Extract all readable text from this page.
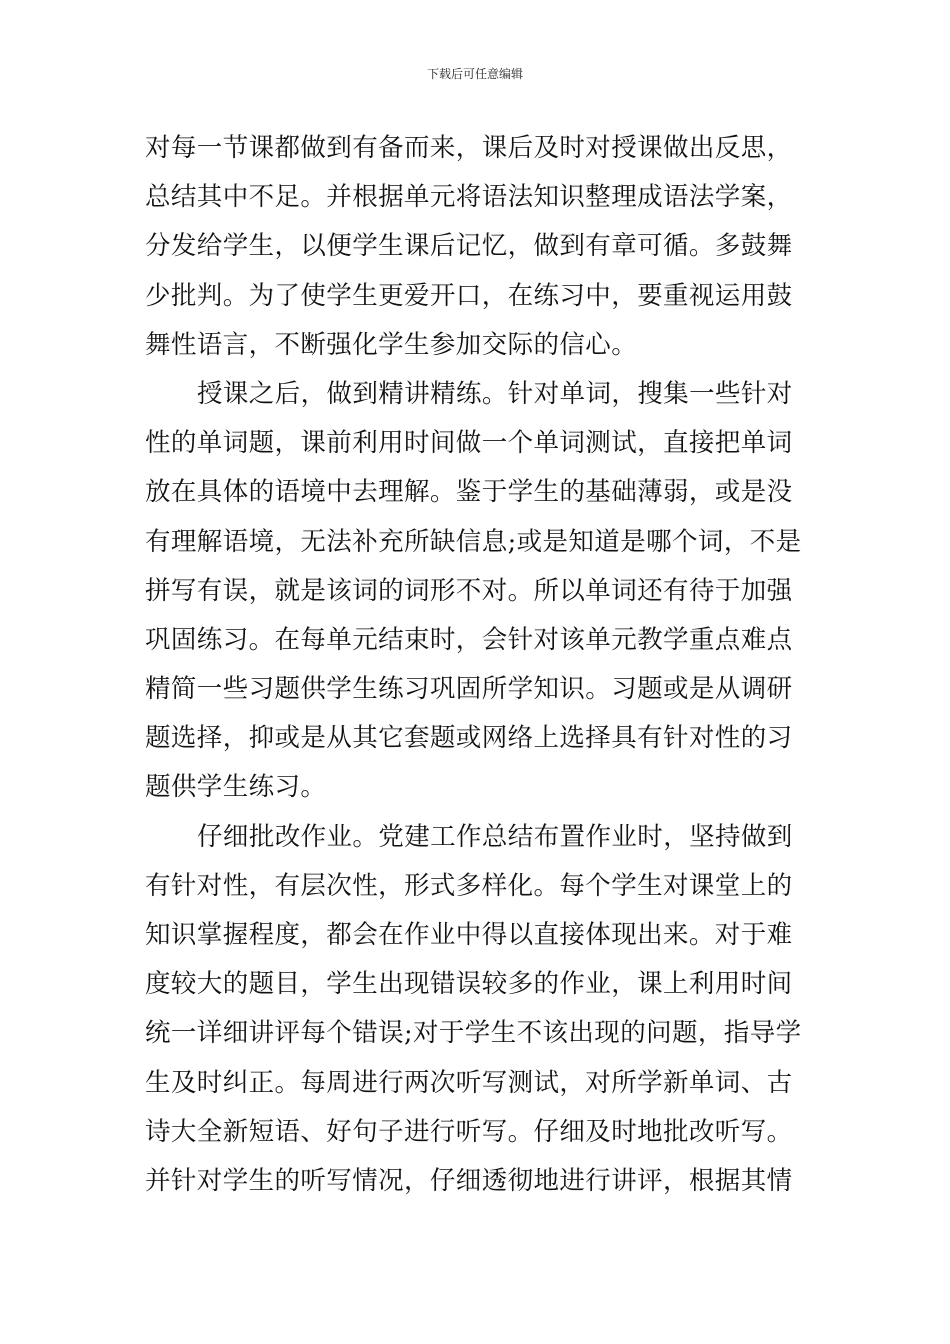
下载后可任意编辑
对每一节课都做到有备而来，课后及时对授课做出反思，
总结其中不足。并根据单元将语法知识整理成语法学案，
分发给学生，以便学生课后记忆，做到有章可循。多鼓舞
少批判。为了使学生更爱开口，在练习中，要重视运用鼓
舞性语言，不断强化学生参加交际的信心。
授课之后，做到精讲精练。针对单词，搜集一些针对
性的单词题，课前利用时间做一个单词测试，直接把单词
放在具体的语境中去理解。鉴于学生的基础薄弱，或是没
有理解语境，无法补充所缺信息;或是知道是哪个词，不是
拼写有误，就是该词的词形不对。所以单词还有待于加强
巩固练习。在每单元结束时，会针对该单元教学重点难点
精简一些习题供学生练习巩固所学知识。习题或是从调研
题选择，抑或是从其它套题或网络上选择具有针对性的习
题供学生练习。
仔细批改作业。党建工作总结布置作业时，坚持做到
有针对性，有层次性，形式多样化。每个学生对课堂上的
知识掌握程度，都会在作业中得以直接体现出来。对于难
度较大的题目，学生出现错误较多的作业，课上利用时间
统一详细讲评每个错误;对于学生不该出现的问题，指导学
生及时纠正。每周进行两次听写测试，对所学新单词、古
诗大全新短语、好句子进行听写。仔细及时地批改听写。
并针对学生的听写情况，仔细透彻地进行讲评，根据其情
